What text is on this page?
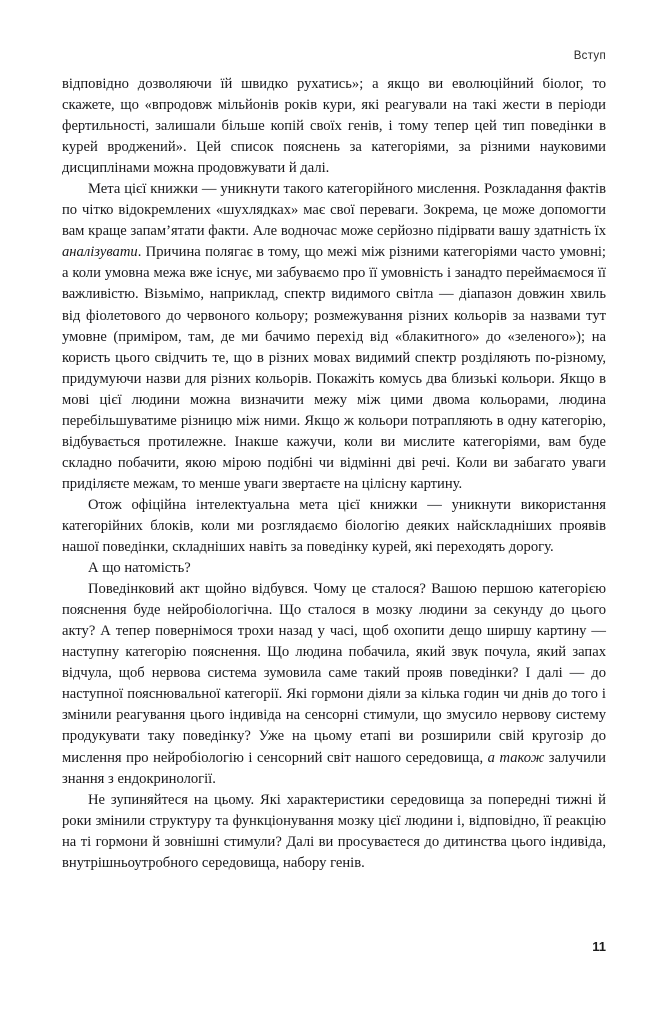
Вступ

відповідно дозволяючи їй швидко рухатись»; а якщо ви еволюційний біолог, то скажете, що «впродовж мільйонів років кури, які реагували на такі жести в періоди фертильності, залишали більше копій своїх генів, і тому тепер цей тип поведінки в курей вроджений». Цей список пояснень за категоріями, за різними науковими дисциплінами можна продовжувати й далі.

Мета цієї книжки — уникнути такого категорійного мислення. Розкладання фактів по чітко відокремлених «шухлядках» має свої переваги. Зокрема, це може допомогти вам краще запам’ятати факти. Але водночас може серйозно підірвати вашу здатність їх аналізувати. Причина полягає в тому, що межі між різними категоріями часто умовні; а коли умовна межа вже існує, ми забуваємо про її умовність і занадто переймаємося її важливістю. Візьмімо, наприклад, спектр видимого світла — діапазон довжин хвиль від фіолетового до червоного кольору; розмежування різних кольорів за назвами тут умовне (приміром, там, де ми бачимо перехід від «блакитного» до «зеленого»); на користь цього свідчить те, що в різних мовах видимий спектр розділяють по-різному, придумуючи назви для різних кольорів. Покажіть комусь два близькі кольори. Якщо в мові цієї людини можна визначити межу між цими двома кольорами, людина перебільшуватиме різницю між ними. Якщо ж кольори потрапляють в одну категорію, відбувається протилежне. Інакше кажучи, коли ви мислите категоріями, вам буде складно побачити, якою мірою подібні чи відмінні дві речі. Коли ви забагато уваги приділяєте межам, то менше уваги звертаєте на цілісну картину.

Отож офіційна інтелектуальна мета цієї книжки — уникнути використання категорійних блоків, коли ми розглядаємо біологію деяких найскладніших проявів нашої поведінки, складніших навіть за поведінку курей, які переходять дорогу.

А що натомість?

Поведінковий акт щойно відбувся. Чому це сталося? Вашою першою категорією пояснення буде нейробіологічна. Що сталося в мозку людини за секунду до цього акту? А тепер повернімося трохи назад у часі, щоб охопити дещо ширшу картину — наступну категорію пояснення. Що людина побачила, який звук почула, який запах відчула, щоб нервова система зумовила саме такий прояв поведінки? І далі — до наступної пояснювальної категорії. Які гормони діяли за кілька годин чи днів до того і змінили реагування цього індивіда на сенсорні стимули, що змусило нервову систему продукувати таку поведінку? Уже на цьому етапі ви розширили свій кругозір до мислення про нейробіологію і сенсорний світ нашого середовища, а також залучили знання з ендокринології.

Не зупиняйтеся на цьому. Які характеристики середовища за попередні тижні й роки змінили структуру та функціонування мозку цієї людини і, відповідно, її реакцію на ті гормони й зовнішні стимули? Далі ви просуваєтеся до дитинства цього індивіда, внутрішньоутробного середовища, набору генів.

11
